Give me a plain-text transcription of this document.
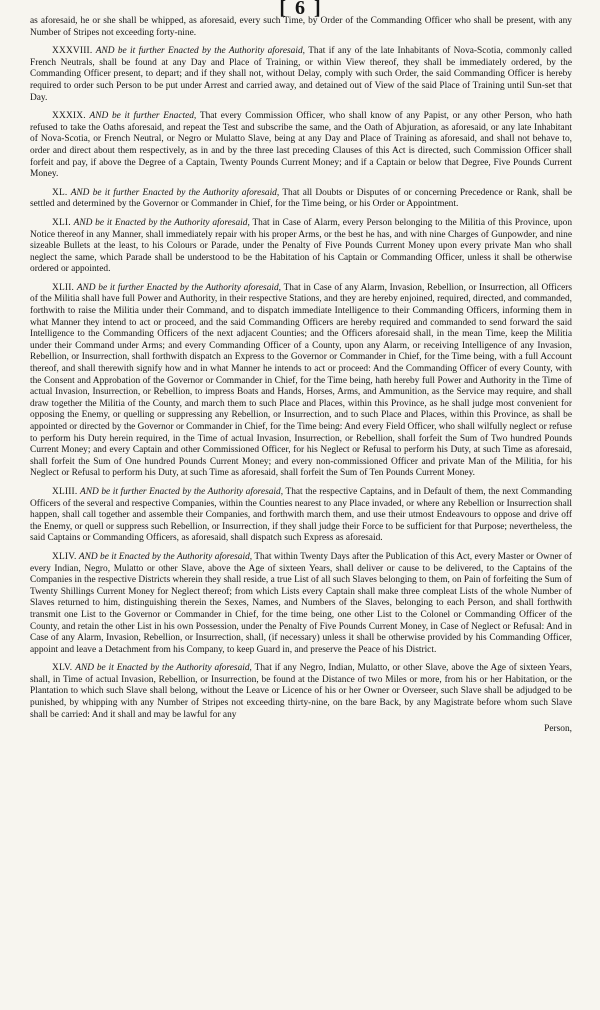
[ 6 ]

as aforesaid, he or she shall be whipped, as aforesaid, every such Time, by Order of the Commanding Officer who shall be present, with any Number of Stripes not exceeding forty-nine.

XXXVIII. AND be it further Enacted by the Authority aforesaid, That if any of the late Inhabitants of Nova-Scotia, commonly called French Neutrals, shall be found at any Day and Place of Training, or within View thereof, they shall be immediately ordered, by the Commanding Officer present, to depart; and if they shall not, without Delay, comply with such Order, the said Commanding Officer is hereby required to order such Person to be put under Arrest and carried away, and detained out of View of the said Place of Training until Sun-set that Day.

XXXIX. AND be it further Enacted, That every Commission Officer, who shall know of any Papist, or any other Person, who hath refused to take the Oaths aforesaid, and repeat the Test and subscribe the same, and the Oath of Abjuration, as aforesaid, or any late Inhabitant of Nova-Scotia, or French Neutral, or Negro or Mulatto Slave, being at any Day and Place of Training as aforesaid, and shall not behave to, order and direct about them respectively, as in and by the three last preceding Clauses of this Act is directed, such Commission Officer shall forfeit and pay, if above the Degree of a Captain, Twenty Pounds Current Money; and if a Captain or below that Degree, Five Pounds Current Money.

XL. AND be it further Enacted by the Authority aforesaid, That all Doubts or Disputes of or concerning Precedence or Rank, shall be settled and determined by the Governor or Commander in Chief, for the Time being, or his Order or Appointment.

XLI. AND be it Enacted by the Authority aforesaid, That in Case of Alarm, every Person belonging to the Militia of this Province, upon Notice thereof in any Manner, shall immediately repair with his proper Arms, or the best he has, and with nine Charges of Gunpowder, and nine sizeable Bullets at the least, to his Colours or Parade, under the Penalty of Five Pounds Current Money upon every private Man who shall neglect the same, which Parade shall be understood to be the Habitation of his Captain or Commanding Officer, unless it shall be otherwise ordered or appointed.

XLII. AND be it further Enacted by the Authority aforesaid, That in Case of any Alarm, Invasion, Rebellion, or Insurrection, all Officers of the Militia shall have full Power and Authority, in their respective Stations, and they are hereby enjoined, required, directed, and commanded, forthwith to raise the Militia under their Command, and to dispatch immediate Intelligence to their Commanding Officers, informing them in what Manner they intend to act or proceed, and the said Commanding Officers are hereby required and commanded to send forward the said Intelligence to the Commanding Officers of the next adjacent Counties; and the Officers aforesaid shall, in the mean Time, keep the Militia under their Command under Arms; and every Commanding Officer of a County, upon any Alarm, or receiving Intelligence of any Invasion, Rebellion, or Insurrection, shall forthwith dispatch an Express to the Governor or Commander in Chief, for the Time being, with a full Account thereof, and shall therewith signify how and in what Manner he intends to act or proceed: And the Commanding Officer of every County, with the Consent and Approbation of the Governor or Commander in Chief, for the Time being, hath hereby full Power and Authority in the Time of actual Invasion, Insurrection, or Rebellion, to impress Boats and Hands, Horses, Arms, and Ammunition, as the Service may require, and shall draw together the Militia of the County, and march them to such Place and Places, within this Province, as he shall judge most convenient for opposing the Enemy, or quelling or suppressing any Rebellion, or Insurrection, and to such Place and Places, within this Province, as shall be appointed or directed by the Governor or Commander in Chief, for the Time being: And every Field Officer, who shall wilfully neglect or refuse to perform his Duty herein required, in the Time of actual Invasion, Insurrection, or Rebellion, shall forfeit the Sum of Two hundred Pounds Current Money; and every Captain and other Commissioned Officer, for his Neglect or Refusal to perform his Duty, at such Time as aforesaid, shall forfeit the Sum of One hundred Pounds Current Money; and every non-commissioned Officer and private Man of the Militia, for his Neglect or Refusal to perform his Duty, at such Time as aforesaid, shall forfeit the Sum of Ten Pounds Current Money.

XLIII. AND be it further Enacted by the Authority aforesaid, That the respective Captains, and in Default of them, the next Commanding Officers of the several and respective Companies, within the Counties nearest to any Place invaded, or where any Rebellion or Insurrection shall happen, shall call together and assemble their Companies, and forthwith march them, and use their utmost Endeavours to oppose and drive off the Enemy, or quell or suppress such Rebellion, or Insurrection, if they shall judge their Force to be sufficient for that Purpose; nevertheless, the said Captains or Commanding Officers, as aforesaid, shall dispatch such Express as aforesaid.

XLIV. AND be it Enacted by the Authority aforesaid, That within Twenty Days after the Publication of this Act, every Master or Owner of every Indian, Negro, Mulatto or other Slave, above the Age of sixteen Years, shall deliver or cause to be delivered, to the Captains of the Companies in the respective Districts wherein they shall reside, a true List of all such Slaves belonging to them, on Pain of forfeiting the Sum of Twenty Shillings Current Money for Neglect thereof; from which Lists every Captain shall make three compleat Lists of the whole Number of Slaves returned to him, distinguishing therein the Sexes, Names, and Numbers of the Slaves, belonging to each Person, and shall forthwith transmit one List to the Governor or Commander in Chief, for the time being, one other List to the Colonel or Commanding Officer of the County, and retain the other List in his own Possession, under the Penalty of Five Pounds Current Money, in Case of Neglect or Refusal: And in Case of any Alarm, Invasion, Rebellion, or Insurrection, shall, (if necessary) unless it shall be otherwise provided by his Commanding Officer, appoint and leave a Detachment from his Company, to keep Guard in, and preserve the Peace of his District.

XLV. AND be it Enacted by the Authority aforesaid, That if any Negro, Indian, Mulatto, or other Slave, above the Age of sixteen Years, shall, in Time of actual Invasion, Rebellion, or Insurrection, be found at the Distance of two Miles or more, from his or her Habitation, or the Plantation to which such Slave shall belong, without the Leave or Licence of his or her Owner or Overseer, such Slave shall be adjudged to be punished, by whipping with any Number of Stripes not exceeding thirty-nine, on the bare Back, by any Magistrate before whom such Slave shall be carried: And it shall and may be lawful for any

Person,
